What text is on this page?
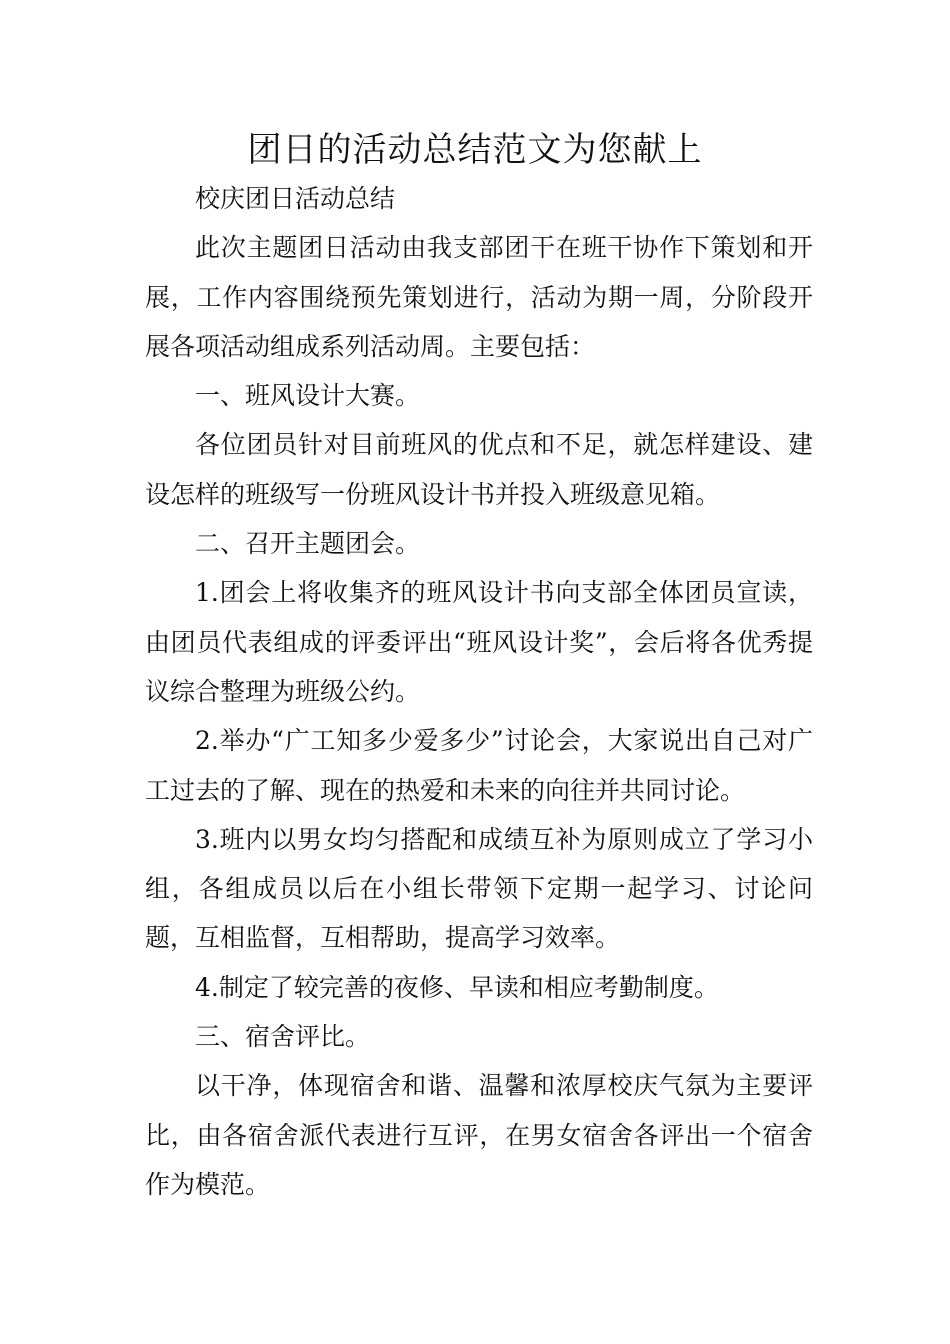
团日的活动总结范文为您献上

校庆团日活动总结

此次主题团日活动由我支部团干在班干协作下策划和开展，工作内容围绕预先策划进行，活动为期一周，分阶段开展各项活动组成系列活动周。主要包括：

一、班风设计大赛。

各位团员针对目前班风的优点和不足，就怎样建设、建设怎样的班级写一份班风设计书并投入班级意见箱。

二、召开主题团会。

1.团会上将收集齐的班风设计书向支部全体团员宣读，由团员代表组成的评委评出“班风设计奖”，会后将各优秀提议综合整理为班级公约。

2.举办“广工知多少爱多少”讨论会，大家说出自己对广工过去的了解、现在的热爱和未来的向往并共同讨论。

3.班内以男女均匀搭配和成绩互补为原则成立了学习小组，各组成员以后在小组长带领下定期一起学习、讨论问题，互相监督，互相帮助，提高学习效率。

4.制定了较完善的夜修、早读和相应考勤制度。

三、宿舍评比。

以干净，体现宿舍和谐、温馨和浓厚校庆气氛为主要评比，由各宿舍派代表进行互评，在男女宿舍各评出一个宿舍作为模范。
